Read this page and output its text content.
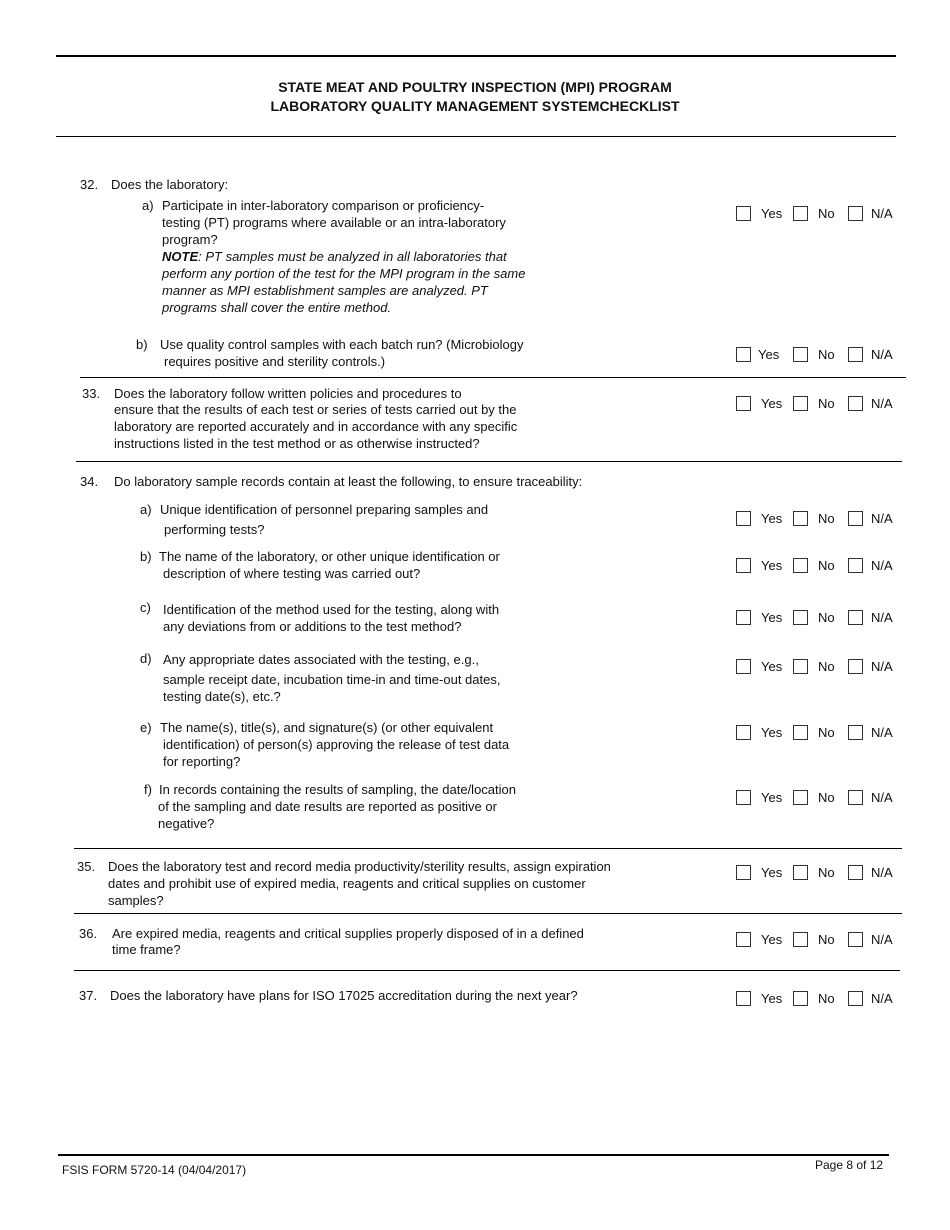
STATE MEAT AND POULTRY INSPECTION (MPI) PROGRAM
LABORATORY QUALITY MANAGEMENT SYSTEMCHECKLIST
32. Does the laboratory:
a) Participate in inter-laboratory comparison or proficiency-
testing (PT) programs where available or an intra-laboratory
program?
NOTE: PT samples must be analyzed in all laboratories that
perform any portion of the test for the MPI program in the same
manner as MPI establishment samples are analyzed. PT
programs shall cover the entire method.
Yes	No	N/A
b) Use quality control samples with each batch run? (Microbiology
requires positive and sterility controls.)	Yes	No	N/A
33. Does the laboratory follow written policies and procedures to
ensure that the results of each test or series of tests carried out by the
laboratory are reported accurately and in accordance with any specific
instructions listed in the test method or as otherwise instructed?
Yes	No	N/A
34. Do laboratory sample records contain at least the following, to ensure traceability:
a) Unique identification of personnel preparing samples and
performing tests?
Yes	No	N/A
b) The name of the laboratory, or other unique identification or
description of where testing was carried out?
Yes	No	N/A
c) Identification of the method used for the testing, along with
any deviations from or additions to the test method?
Yes	No	N/A
d) Any appropriate dates associated with the testing, e.g.,
sample receipt date, incubation time-in and time-out dates,
testing date(s), etc.?
Yes	No	N/A
e) The name(s), title(s), and signature(s) (or other equivalent
identification) of person(s) approving the release of test data
for reporting?
Yes	No	N/A
f) In records containing the results of sampling, the date/location
of the sampling and date results are reported as positive or
negative?
Yes	No	N/A
35. Does the laboratory test and record media productivity/sterility results, assign expiration
dates and prohibit use of expired media, reagents and critical supplies on customer
samples?
Yes	No	N/A
36. Are expired media, reagents and critical supplies properly disposed of in a defined
time frame?
Yes	No	N/A
37. Does the laboratory have plans for ISO 17025 accreditation during the next year?	Yes	No	N/A
FSIS FORM 5720-14 (04/04/2017)	Page 8 of 12
